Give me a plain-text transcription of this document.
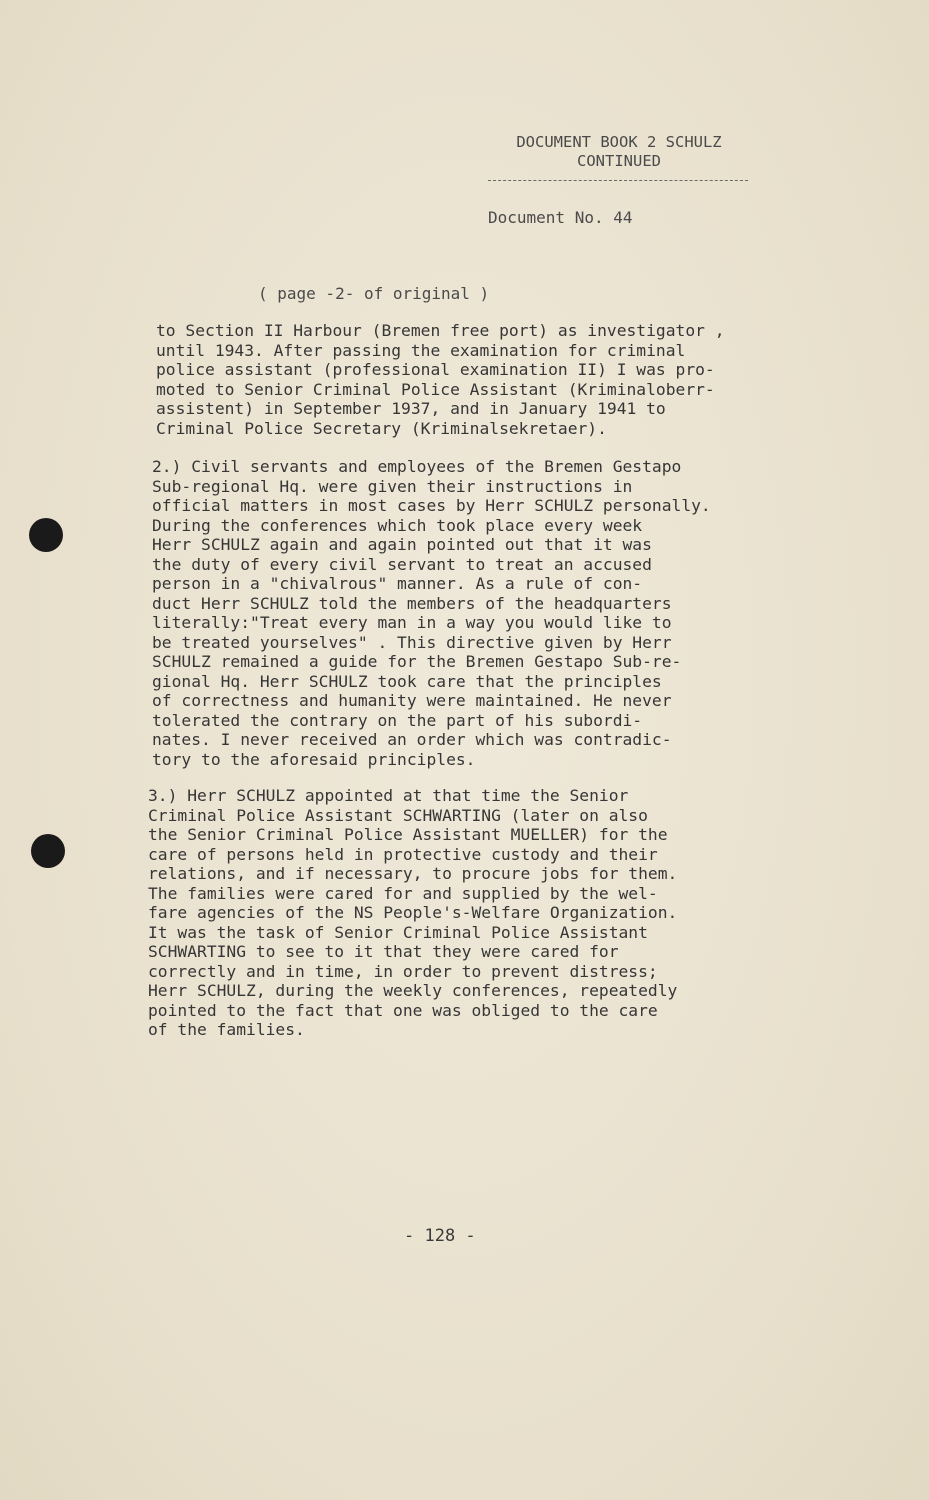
DOCUMENT BOOK 2 SCHULZ
CONTINUED
Document No. 44
( page -2- of original )
to Section II Harbour (Bremen free port) as investigator ,
until 1943. After passing the examination for criminal
police assistant (professional examination II) I was pro-
moted to Senior Criminal Police Assistant (Kriminaloberr-
assistent) in September 1937, and in January 1941 to
Criminal Police Secretary (Kriminalsekretaer).
2.) Civil servants and employees of the Bremen Gestapo
Sub-regional Hq. were given their instructions in
official matters in most cases by Herr SCHULZ personally.
During the conferences which took place every week
Herr SCHULZ again and again pointed out that it was
the duty of every civil servant to treat an accused
person in a "chivalrous" manner. As a rule of con-
duct Herr SCHULZ told the members of the headquarters
literally:"Treat every man in a way you would like to
be treated yourselves" . This directive given by Herr
SCHULZ remained a guide for the Bremen Gestapo Sub-re-
gional Hq. Herr SCHULZ took care that the principles
of correctness and humanity were maintained. He never
tolerated the contrary on the part of his subordi-
nates. I never received an order which was contradic-
tory to the aforesaid principles.
3.) Herr SCHULZ appointed at that time the Senior
Criminal Police Assistant SCHWARTING (later on also
the Senior Criminal Police Assistant MUELLER) for the
care of persons held in protective custody and their
relations, and if necessary, to procure jobs for them.
The families were cared for and supplied by the wel-
fare agencies of the NS People's-Welfare Organization.
It was the task of Senior Criminal Police Assistant
SCHWARTING to see to it that they were cared for
correctly and in time, in order to prevent distress;
Herr SCHULZ, during the weekly conferences, repeatedly
pointed to the fact that one was obliged to the care
of the families.
- 128 -
